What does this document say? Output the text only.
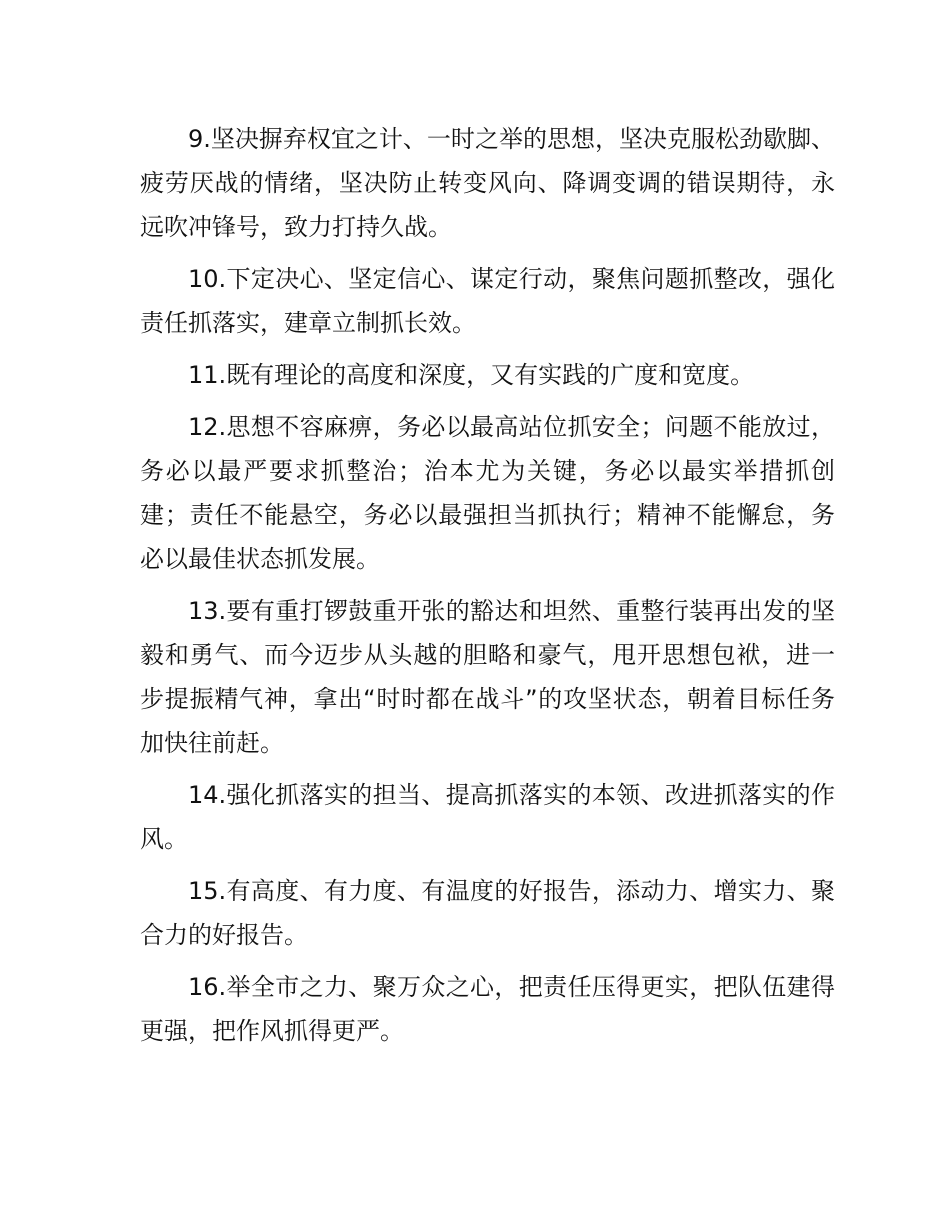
9.坚决摒弃权宜之计、一时之举的思想，坚决克服松劲歇脚、疲劳厌战的情绪，坚决防止转变风向、降调变调的错误期待，永远吹冲锋号，致力打持久战。

10.下定决心、坚定信心、谋定行动，聚焦问题抓整改，强化责任抓落实，建章立制抓长效。

11.既有理论的高度和深度，又有实践的广度和宽度。

12.思想不容麻痹，务必以最高站位抓安全；问题不能放过，务必以最严要求抓整治；治本尤为关键，务必以最实举措抓创建；责任不能悬空，务必以最强担当抓执行；精神不能懈怠，务必以最佳状态抓发展。

13.要有重打锣鼓重开张的豁达和坦然、重整行装再出发的坚毅和勇气、而今迈步从头越的胆略和豪气，甩开思想包袱，进一步提振精气神，拿出“时时都在战斗”的攻坚状态，朝着目标任务加快往前赶。

14.强化抓落实的担当、提高抓落实的本领、改进抓落实的作风。

15.有高度、有力度、有温度的好报告，添动力、增实力、聚合力的好报告。

16.举全市之力、聚万众之心，把责任压得更实，把队伍建得更强，把作风抓得更严。
